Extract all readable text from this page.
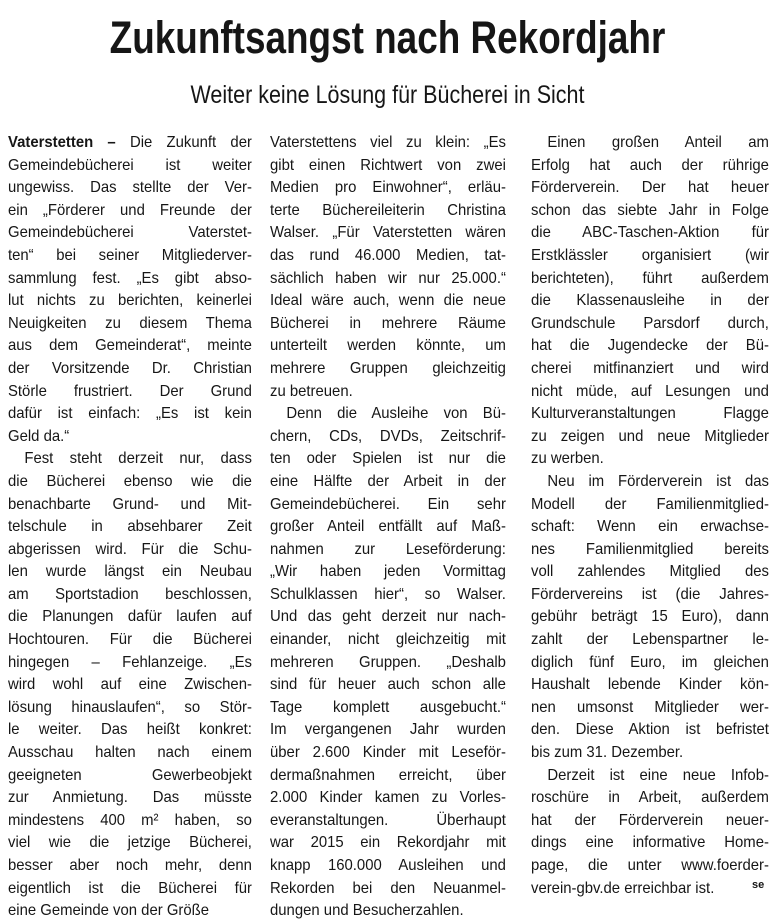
Zukunftsangst nach Rekordjahr
Weiter keine Lösung für Bücherei in Sicht
Vaterstetten – Die Zukunft der
Gemeindebücherei ist weiter
ungewiss. Das stellte der Ver-
ein „Förderer und Freunde der
Gemeindebücherei Vaterstet-
ten“ bei seiner Mitgliederver-
sammlung fest. „Es gibt abso-
lut nichts zu berichten, keinerlei
Neuigkeiten zu diesem Thema
aus dem Gemeinderat“, meinte
der Vorsitzende Dr. Christian
Störle frustriert. Der Grund
dafür ist einfach: „Es ist kein
Geld da.“
Fest steht derzeit nur, dass
die Bücherei ebenso wie die
benachbarte Grund- und Mit-
telschule in absehbarer Zeit
abgerissen wird. Für die Schu-
len wurde längst ein Neubau
am Sportstadion beschlossen,
die Planungen dafür laufen auf
Hochtouren. Für die Bücherei
hingegen – Fehlanzeige. „Es
wird wohl auf eine Zwischen-
lösung hinauslaufen“, so Stör-
le weiter. Das heißt konkret:
Ausschau halten nach einem
geeigneten Gewerbeobjekt
zur Anmietung. Das müsste
mindestens 400 m² haben, so
viel wie die jetzige Bücherei,
besser aber noch mehr, denn
eigentlich ist die Bücherei für
eine Gemeinde von der Größe
Vaterstettens viel zu klein: „Es
gibt einen Richtwert von zwei
Medien pro Einwohner“, erläu-
terte Büchereileiterin Christina
Walser. „Für Vaterstetten wären
das rund 46.000 Medien, tat-
sächlich haben wir nur 25.000.“
Ideal wäre auch, wenn die neue
Bücherei in mehrere Räume
unterteilt werden könnte, um
mehrere Gruppen gleichzeitig
zu betreuen.
Denn die Ausleihe von Bü-
chern, CDs, DVDs, Zeitschrif-
ten oder Spielen ist nur die
eine Hälfte der Arbeit in der
Gemeindebücherei. Ein sehr
großer Anteil entfällt auf Maß-
nahmen zur Leseförderung:
„Wir haben jeden Vormittag
Schulklassen hier“, so Walser.
Und das geht derzeit nur nach-
einander, nicht gleichzeitig mit
mehreren Gruppen. „Deshalb
sind für heuer auch schon alle
Tage komplett ausgebucht.“
Im vergangenen Jahr wurden
über 2.600 Kinder mit Leseför-
dermaßnahmen erreicht, über
2.000 Kinder kamen zu Vorles-
everanstaltungen. Überhaupt
war 2015 ein Rekordjahr mit
knapp 160.000 Ausleihen und
Rekorden bei den Neuanmel-
dungen und Besucherzahlen.
Einen großen Anteil am
Erfolg hat auch der rührige
Förderverein. Der hat heuer
schon das siebte Jahr in Folge
die ABC-Taschen-Aktion für
Erstklässler organisiert (wir
berichteten), führt außerdem
die Klassenausleihe in der
Grundschule Parsdorf durch,
hat die Jugendecke der Bü-
cherei mitfinanziert und wird
nicht müde, auf Lesungen und
Kulturveranstaltungen Flagge
zu zeigen und neue Mitglieder
zu werben.
Neu im Förderverein ist das
Modell der Familienmitglied-
schaft: Wenn ein erwachse-
nes Familienmitglied bereits
voll zahlendes Mitglied des
Fördervereins ist (die Jahres-
gebühr beträgt 15 Euro), dann
zahlt der Lebenspartner le-
diglich fünf Euro, im gleichen
Haushalt lebende Kinder kön-
nen umsonst Mitglieder wer-
den. Diese Aktion ist befristet
bis zum 31. Dezember.
Derzeit ist eine neue Infob-
roschüre in Arbeit, außerdem
hat der Förderverein neuer-
dings eine informative Home-
page, die unter www.foerder-
verein-gbv.de erreichbar ist.	se
